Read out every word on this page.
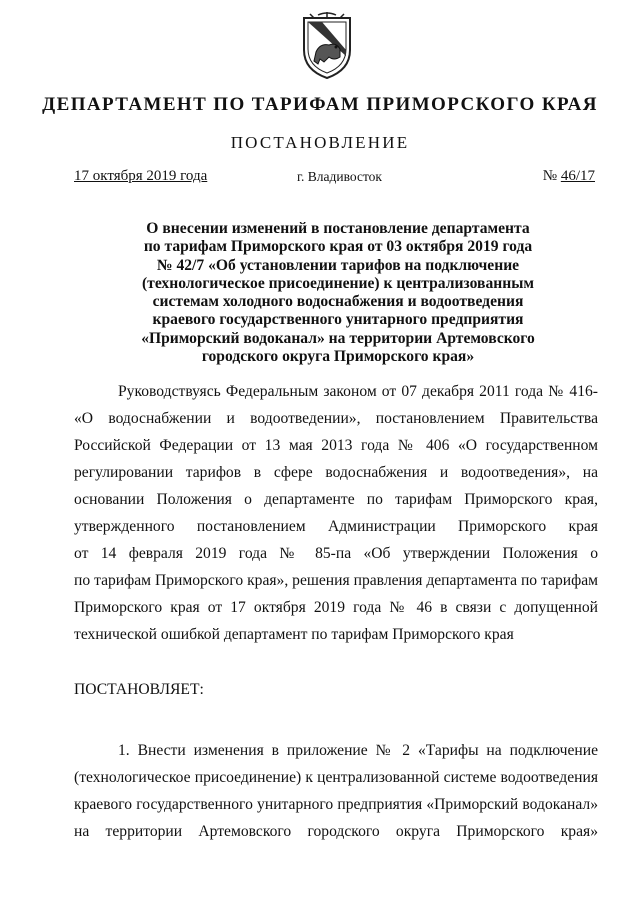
ДЕПАРТАМЕНТ ПО ТАРИФАМ ПРИМОРСКОГО КРАЯ
ПОСТАНОВЛЕНИЕ
17 октября 2019 года	г. Владивосток	№ 46/17
О внесении изменений в постановление департамента
по тарифам Приморского края от 03 октября 2019 года
№ 42/7 «Об установлении тарифов на подключение
(технологическое присоединение) к централизованным
системам холодного водоснабжения и водоотведения
краевого государственного унитарного предприятия
«Приморский водоканал» на территории Артемовского
городского округа Приморского края»
Руководствуясь Федеральным законом от 07 декабря 2011 года № 416-
«О водоснабжении и водоотведении», постановлением Правительства
Российской Федерации от 13 мая 2013 года № 406 «О государственном
регулировании тарифов в сфере водоснабжения и водоотведения», на
основании Положения о департаменте по тарифам Приморского края,
утвержденного постановлением Администрации Приморского края
от 14 февраля 2019 года № 85-па «Об утверждении Положения о
по тарифам Приморского края», решения правления департамента по тарифам
Приморского края от 17 октября 2019 года № 46 в связи с допущенной
технической ошибкой департамент по тарифам Приморского края
ПОСТАНОВЛЯЕТ:
1. Внести изменения в приложение № 2 «Тарифы на подключение
(технологическое присоединение) к централизованной системе водоотведения
краевого государственного унитарного предприятия «Приморский водоканал»
на территории Артемовского городского округа Приморского края»
